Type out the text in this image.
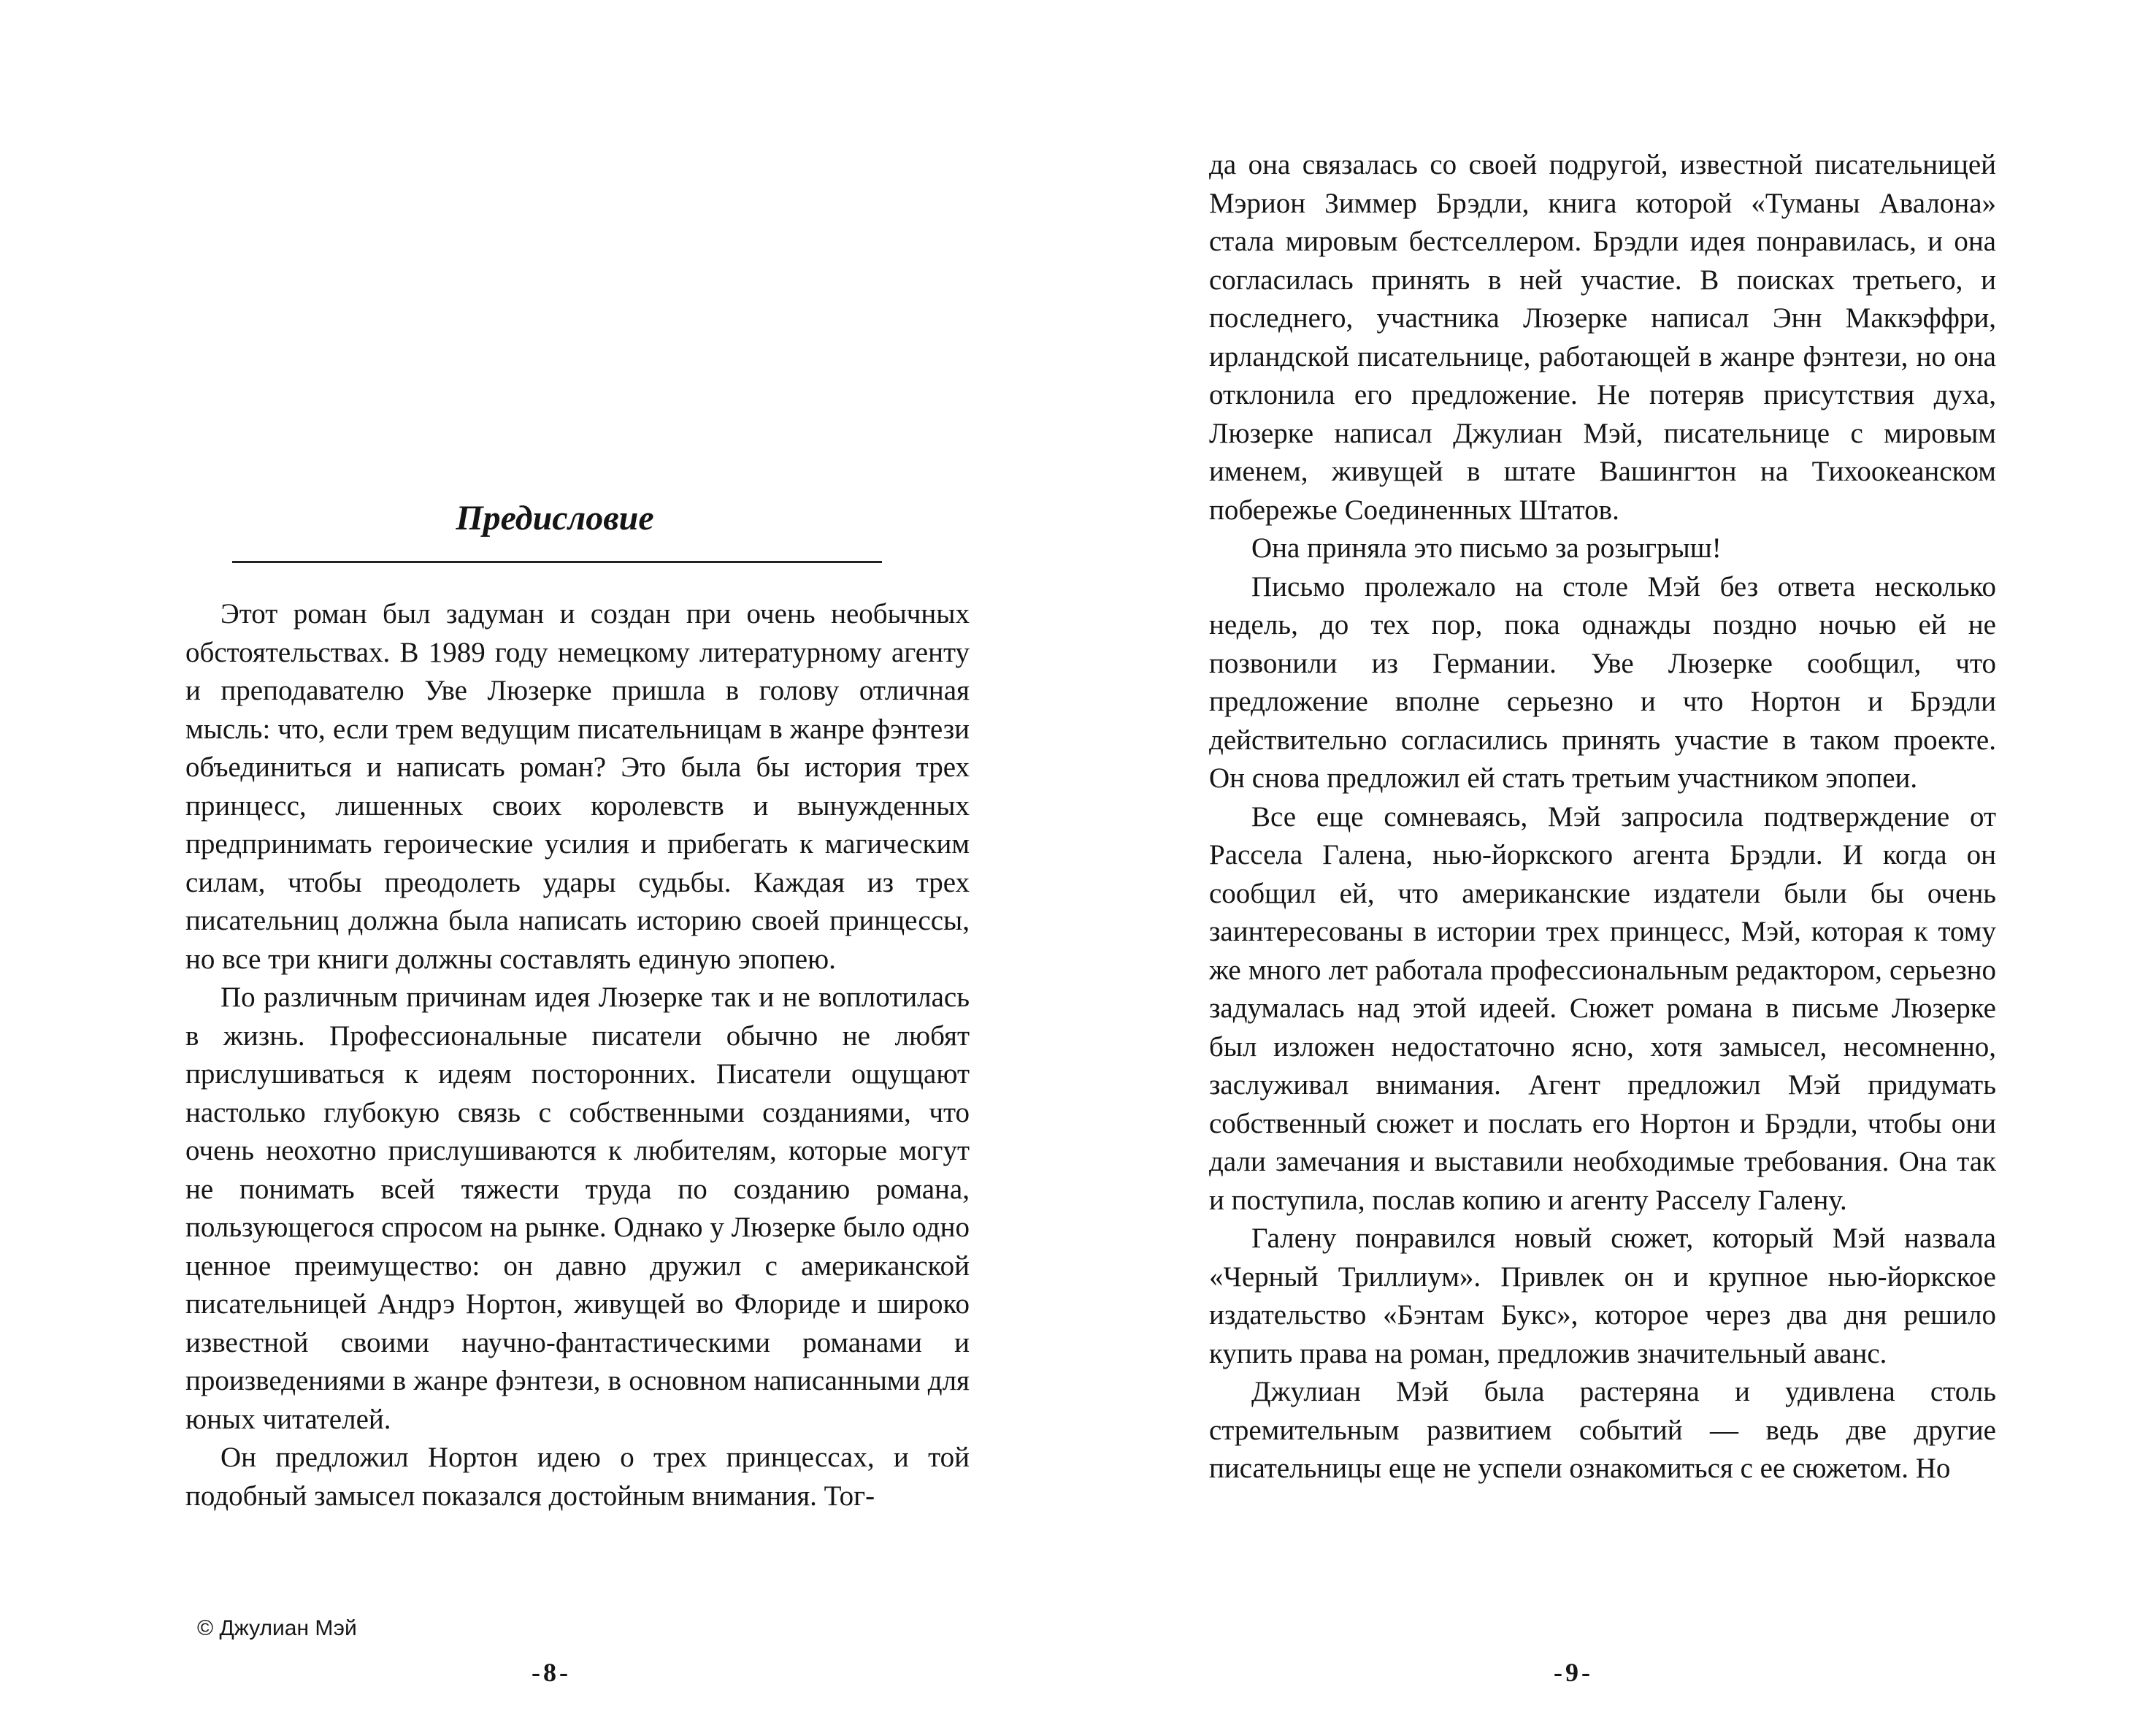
Предисловие

Этот роман был задуман и создан при очень необычных обстоятельствах. В 1989 году немецкому литературному агенту и преподавателю Уве Люзерке пришла в голову отличная мысль: что, если трем ведущим писательницам в жанре фэнтези объединиться и написать роман? Это была бы история трех принцесс, лишенных своих королевств и вынужденных предпринимать героические усилия и прибегать к магическим силам, чтобы преодолеть удары судьбы. Каждая из трех писательниц должна была написать историю своей принцессы, но все три книги должны составлять единую эпопею.

По различным причинам идея Люзерке так и не воплотилась в жизнь. Профессиональные писатели обычно не любят прислушиваться к идеям посторонних. Писатели ощущают настолько глубокую связь с собственными созданиями, что очень неохотно прислушиваются к любителям, которые могут не понимать всей тяжести труда по созданию романа, пользующегося спросом на рынке. Однако у Люзерке было одно ценное преимущество: он давно дружил с американской писательницей Андрэ Нортон, живущей во Флориде и широко известной своими научно-фантастическими романами и произведениями в жанре фэнтези, в основном написанными для юных читателей.

Он предложил Нортон идею о трех принцессах, и той подобный замысел показался достойным внимания. Тог-

© Джулиан Мэй
-8-

да она связалась со своей подругой, известной писательницей Мэрион Зиммер Брэдли, книга которой «Туманы Авалона» стала мировым бестселлером. Брэдли идея понравилась, и она согласилась принять в ней участие. В поисках третьего, и последнего, участника Люзерке написал Энн Маккэффри, ирландской писательнице, работающей в жанре фэнтези, но она отклонила его предложение. Не потеряв присутствия духа, Люзерке написал Джулиан Мэй, писательнице с мировым именем, живущей в штате Вашингтон на Тихоокеанском побережье Соединенных Штатов.

Она приняла это письмо за розыгрыш!

Письмо пролежало на столе Мэй без ответа несколько недель, до тех пор, пока однажды поздно ночью ей не позвонили из Германии. Уве Люзерке сообщил, что предложение вполне серьезно и что Нортон и Брэдли действительно согласились принять участие в таком проекте. Он снова предложил ей стать третьим участником эпопеи.

Все еще сомневаясь, Мэй запросила подтверждение от Рассела Галена, нью-йоркского агента Брэдли. И когда он сообщил ей, что американские издатели были бы очень заинтересованы в истории трех принцесс, Мэй, которая к тому же много лет работала профессиональным редактором, серьезно задумалась над этой идеей. Сюжет романа в письме Люзерке был изложен недостаточно ясно, хотя замысел, несомненно, заслуживал внимания. Агент предложил Мэй придумать собственный сюжет и послать его Нортон и Брэдли, чтобы они дали замечания и выставили необходимые требования. Она так и поступила, послав копию и агенту Расселу Галену.

Галену понравился новый сюжет, который Мэй назвала «Черный Триллиум». Привлек он и крупное нью-йоркское издательство «Бэнтам Букс», которое через два дня решило купить права на роман, предложив значительный аванс.

Джулиан Мэй была растеряна и удивлена столь стремительным развитием событий — ведь две другие писательницы еще не успели ознакомиться с ее сюжетом. Но

-9-
